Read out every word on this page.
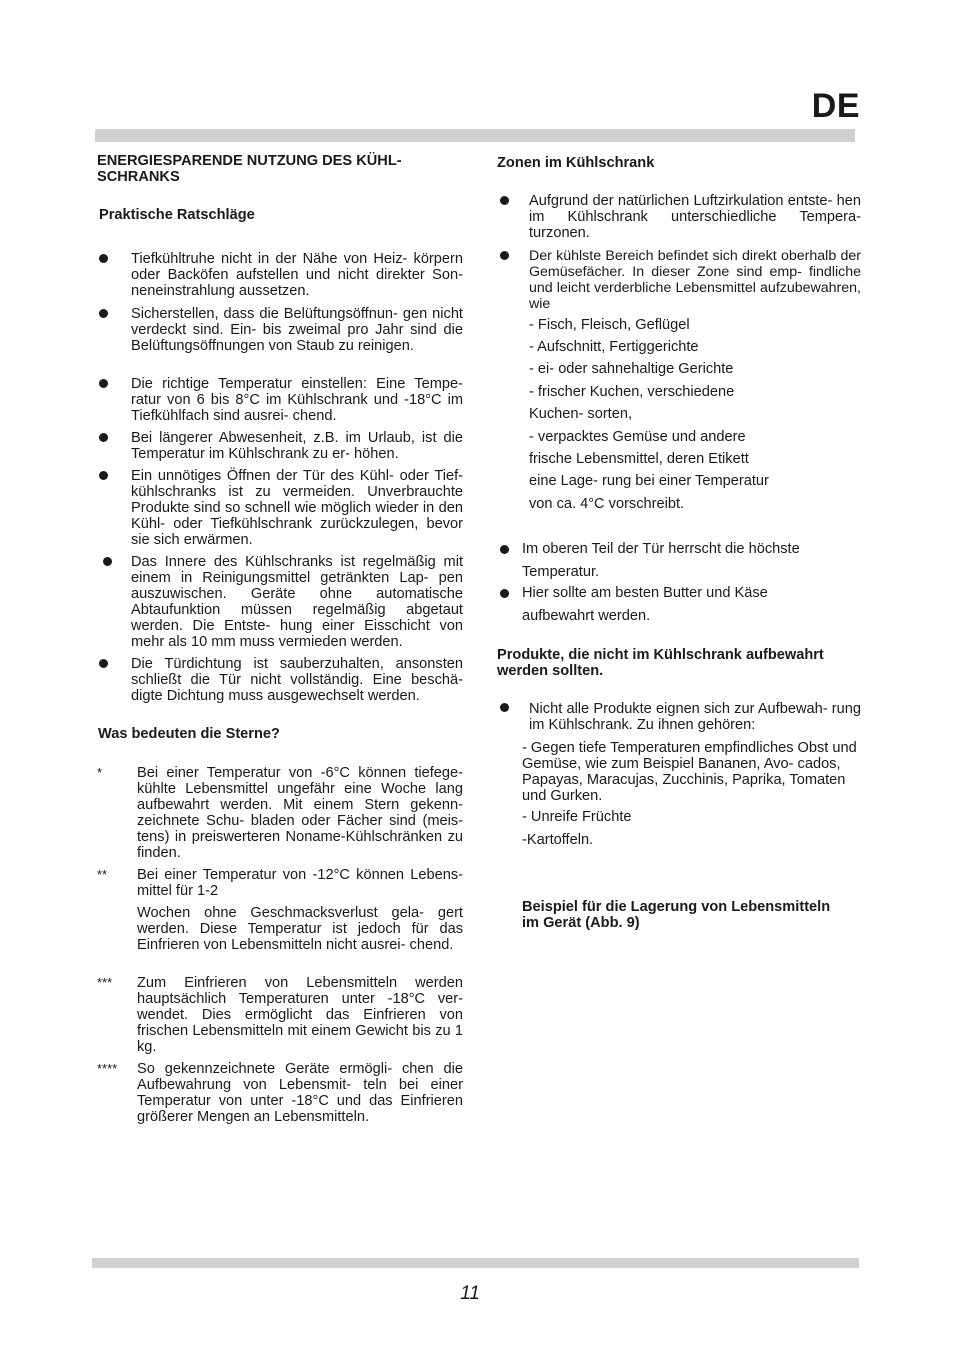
DE
ENERGIESPARENDE NUTZUNG DES KÜHL-
SCHRANKS
Praktische Ratschläge
Tiefkühltruhe nicht in der Nähe von Heiz- körpern oder Backöfen aufstellen und nicht direkter Son- neneinstrahlung aussetzen.
Sicherstellen, dass die Belüftungsöffnun- gen nicht verdeckt sind. Ein- bis zweimal pro Jahr sind die Belüftungsöffnungen von Staub zu reinigen.
Die richtige Temperatur einstellen: Eine Tempe- ratur von 6 bis 8°C im Kühlschrank und -18°C im Tiefkühlfach sind ausrei- chend.
Bei längerer Abwesenheit, z.B. im Urlaub, ist die Temperatur im Kühlschrank zu er- höhen.
Ein unnötiges Öffnen der Tür des Kühl- oder Tief- kühlschranks ist zu vermeiden. Unverbrauchte Produkte sind so schnell wie möglich wieder in den Kühl- oder Tiefkühlschrank zurückzulegen, bevor sie sich erwärmen.
Das Innere des Kühlschranks ist regelmäßig mit einem in Reinigungsmittel getränkten Lap- pen auszuwischen. Geräte ohne automatische Abtaufunktion müssen regelmäßig abgetaut werden. Die Entste- hung einer Eisschicht von mehr als 10 mm muss vermieden werden.
Die Türdichtung ist sauberzuhalten, ansonsten schließt die Tür nicht vollständig. Eine beschä- digte Dichtung muss ausgewechselt werden.
Was bedeuten die Sterne?
*	Bei einer Temperatur von -6°C können tiefege- kühlte Lebensmittel ungefähr eine Woche lang aufbewahrt werden. Mit einem Stern gekenn- zeichnete Schu- bladen oder Fächer sind (meis- tens) in preiswerteren Noname-Kühlschränken zu finden.
**	Bei einer Temperatur von -12°C können Lebens- mittel für 1-2
Wochen ohne Geschmacksverlust gela- gert werden. Diese Temperatur ist jedoch für das Einfrieren von Lebensmitteln nicht ausrei- chend.
***	Zum Einfrieren von Lebensmitteln werden hauptsächlich Temperaturen unter -18°C ver- wendet. Dies ermöglicht das Einfrieren von frischen Lebensmitteln mit einem Gewicht bis zu 1 kg.
****	So gekennzeichnete Geräte ermögli- chen die Aufbewahrung von Lebensmit- teln bei einer Temperatur von unter -18°C und das Einfrieren größerer Mengen an Lebensmitteln.
Zonen im Kühlschrank
Aufgrund der natürlichen Luftzirkulation entste- hen im Kühlschrank unterschiedliche Tempera- turzonen.
Der kühlste Bereich befindet sich direkt oberhalb der Gemüsefächer. In dieser Zone sind emp- findliche und leicht verderbliche Lebensmittel aufzubewahren, wie
- Fisch, Fleisch, Geflügel
- Aufschnitt, Fertiggerichte
- ei- oder sahnehaltige Gerichte
- frischer Kuchen, verschiedene
Kuchen- sorten,
- verpacktes Gemüse und andere
frische Lebensmittel, deren Etikett
eine Lage- rung bei einer Temperatur
von ca. 4°C vorschreibt.
Im oberen Teil der Tür herrscht die höchste
Temperatur.
Hier sollte am besten Butter und Käse
aufbewahrt werden.
Produkte, die nicht im Kühlschrank aufbewahrt werden sollten.
Nicht alle Produkte eignen sich zur Aufbewah- rung im Kühlschrank. Zu ihnen gehören:
- Gegen tiefe Temperaturen empfindliches Obst und Gemüse, wie zum Beispiel Bananen, Avo- cados, Papayas, Maracujas, Zucchinis, Paprika, Tomaten und Gurken.
- Unreife Früchte
-Kartoffeln.
Beispiel für die Lagerung von Lebensmitteln
im Gerät (Abb. 9)
11
